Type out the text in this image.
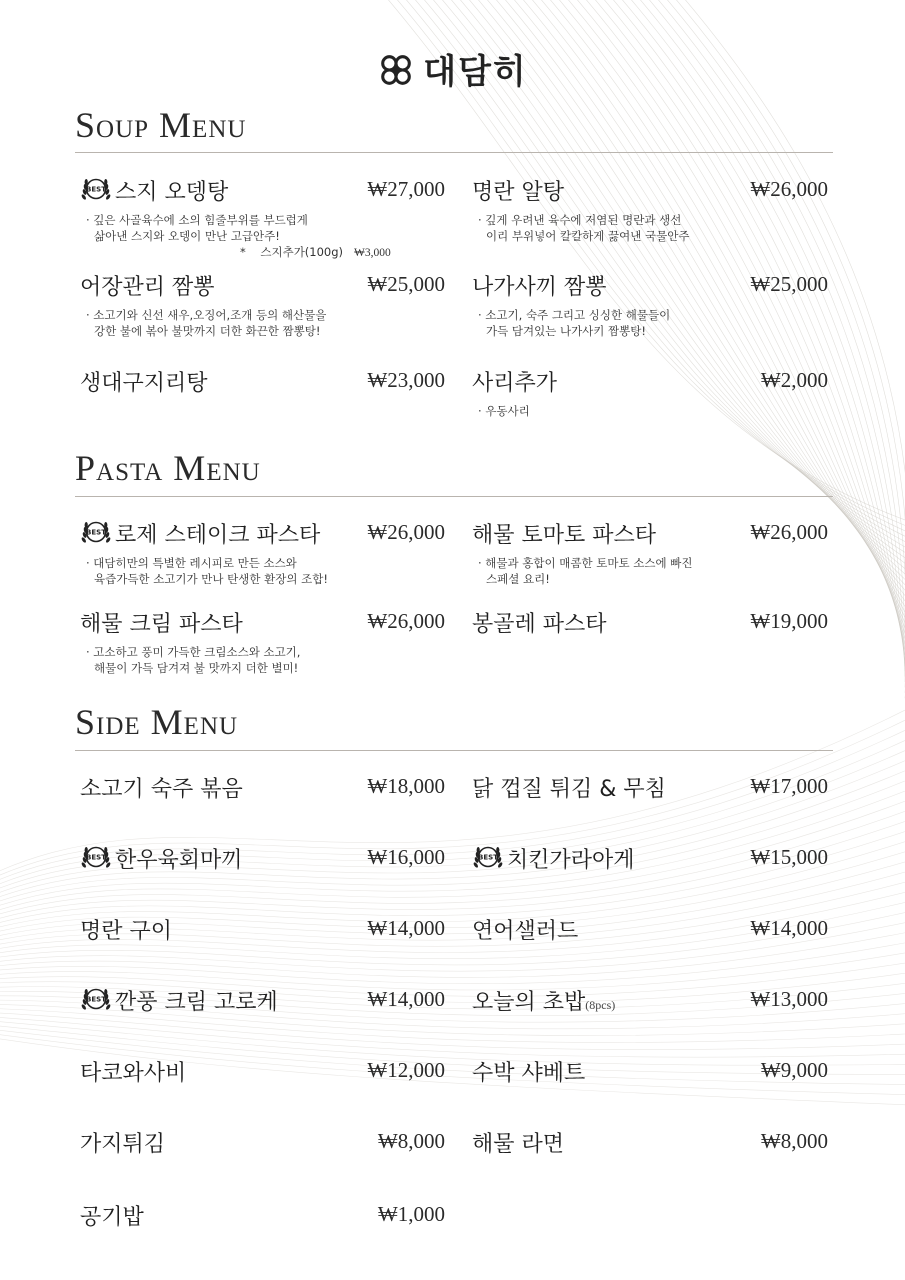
대담히
Soup Menu
BEST 스지 오뎅탕	₩27,000
· 깊은 사골육수에 소의 힘줄부위를 부드럽게
삶아낸 스지와 오뎅이 만난 고급안주!
* 스지추가(100g) ₩3,000
명란 알탕	₩26,000
· 깊게 우려낸 육수에 저염된 명란과 생선
이리 부위넣어 칼칼하게 끓여낸 국물안주
어장관리 짬뽕	₩25,000
· 소고기와 신선 새우,오징어,조개 등의 해산물을
강한 불에 볶아 불맛까지 더한 화끈한 짬뽕탕!
나가사끼 짬뽕	₩25,000
· 소고기, 숙주 그리고 싱싱한 해물들이
가득 담겨있는 나가사키 짬뽕탕!
생대구지리탕	₩23,000 사리추가	₩2,000
· 우동사리
Pasta Menu
BEST 로제 스테이크 파스타	₩26,000
· 대담히만의 특별한 레시피로 만든 소스와
육즙가득한 소고기가 만나 탄생한 환장의 조합!
해물 토마토 파스타	₩26,000
· 해물과 홍합이 매콤한 토마토 소스에 빠진
스페셜 요리!
해물 크림 파스타	₩26,000
· 고소하고 풍미 가득한 크림소스와 소고기,
해물이 가득 담겨져 불 맛까지 더한 별미!
봉골레 파스타	₩19,000
Side Menu
소고기 숙주 볶음	₩18,000 닭 껍질 튀김 & 무침	₩17,000
BEST 한우육회마끼	₩16,000	BEST 치킨가라아게	₩15,000
명란 구이	₩14,000 연어샐러드	₩14,000
BEST 깐풍 크림 고로케	₩14,000 오늘의 초밥(8pcs)	₩13,000
타코와사비	₩12,000 수박 샤베트	₩9,000
가지튀김	₩8,000 해물 라면	₩8,000
공기밥	₩1,000
